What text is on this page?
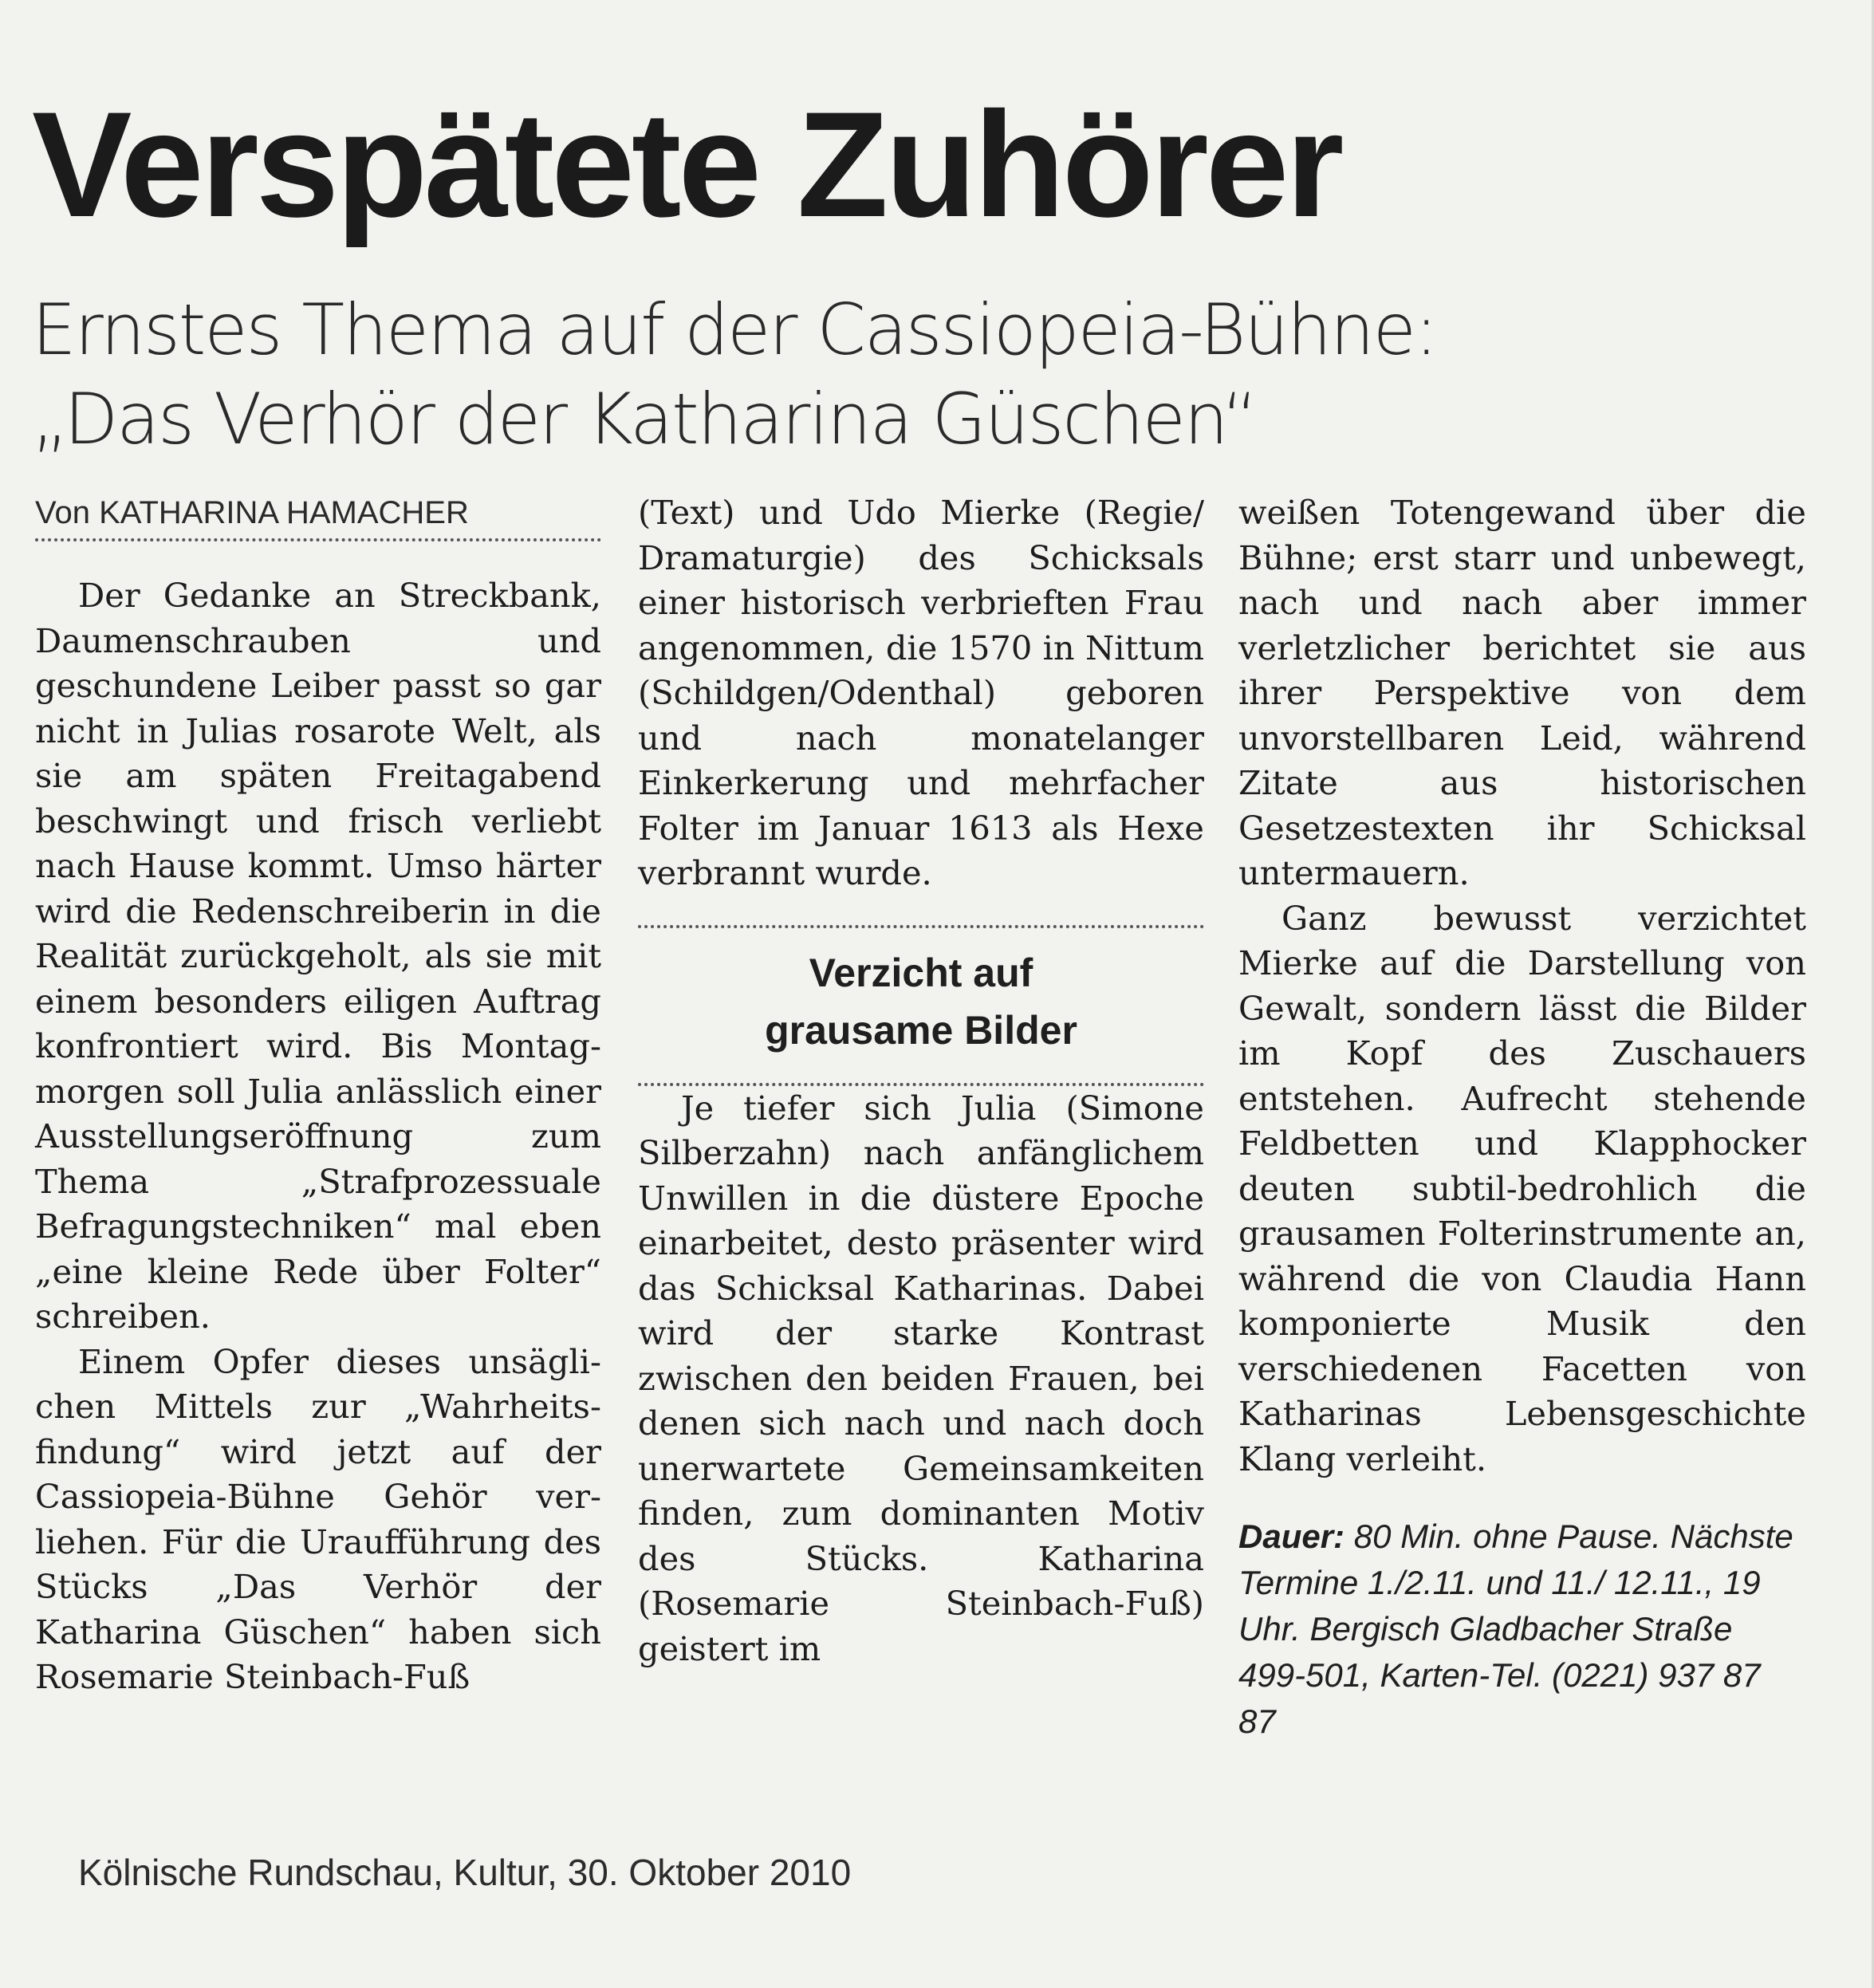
Verspätete Zuhörer
Ernstes Thema auf der Cassiopeia-Bühne:
„Das Verhör der Katharina Güschen“
Von KATHARINA HAMACHER

Der Gedanke an Streckbank, Daumenschrauben und geschundene Leiber passt so gar nicht in Julias rosarote Welt, als sie am späten Freitagabend beschwingt und frisch verliebt nach Hause kommt. Umso härter wird die Redenschreiberin in die Realität zurückgeholt, als sie mit einem besonders eiligen Auftrag konfrontiert wird. Bis Montagmorgen soll Julia anlässlich einer Ausstellungseröffnung zum Thema „Strafprozessuale Befragungstechniken“ mal eben „eine kleine Rede über Folter“ schreiben.

Einem Opfer dieses unsäglichen Mittels zur „Wahrheitsfindung“ wird jetzt auf der Cassiopeia-Bühne Gehör verliehen. Für die Uraufführung des Stücks „Das Verhör der Katharina Güschen“ haben sich Rosemarie Steinbach-Fuß

(Text) und Udo Mierke (Regie/ Dramaturgie) des Schicksals einer historisch verbrieften Frau angenommen, die 1570 in Nittum (Schildgen/Odenthal) geboren und nach monatelanger Einkerkerung und mehrfacher Folter im Januar 1613 als Hexe verbrannt wurde.

Verzicht auf
grausame Bilder

Je tiefer sich Julia (Simone Silberzahn) nach anfänglichem Unwillen in die düstere Epoche einarbeitet, desto präsenter wird das Schicksal Katharinas. Dabei wird der starke Kontrast zwischen den beiden Frauen, bei denen sich nach und nach doch unerwartete Gemeinsamkeiten finden, zum dominanten Motiv des Stücks. Katharina (Rosemarie Steinbach-Fuß) geistert im

weißen Totengewand über die Bühne; erst starr und unbewegt, nach und nach aber immer verletzlicher berichtet sie aus ihrer Perspektive von dem unvorstellbaren Leid, während Zitate aus historischen Gesetzestexten ihr Schicksal untermauern.

Ganz bewusst verzichtet Mierke auf die Darstellung von Gewalt, sondern lässt die Bilder im Kopf des Zuschauers entstehen. Aufrecht stehende Feldbetten und Klapphocker deuten subtil-bedrohlich die grausamen Folterinstrumente an, während die von Claudia Hann komponierte Musik den verschiedenen Facetten von Katharinas Lebensgeschichte Klang verleiht.

Dauer: 80 Min. ohne Pause. Nächste Termine 1./2.11. und 11./ 12.11., 19 Uhr. Bergisch Gladbacher Straße 499-501, Karten-Tel. (0221) 937 87 87
Kölnische Rundschau, Kultur, 30. Oktober 2010
